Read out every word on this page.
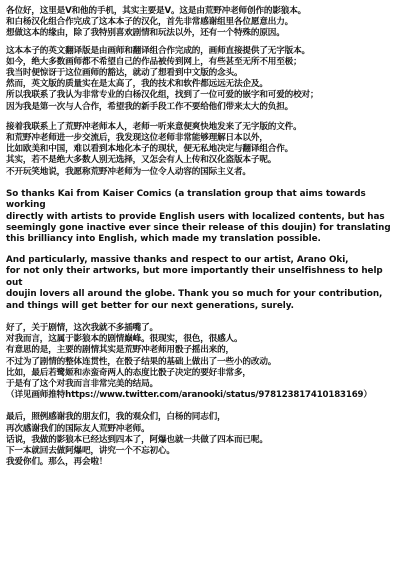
各位好，这里是V和他的手机，其实主要是V。这是由荒野冲老师创作的影狼本。
和白杨汉化组合作完成了这本本子的汉化，首先非常感谢组里各位愿意出力。
想做这本的缘由，除了我特别喜欢剧情和玩法以外，还有一个特殊的原因。

这本本子的英文翻译版是由画师和翻译组合作完成的，画师直接提供了无字版本。
如今，绝大多数画师都不希望自己的作品被传到网上，有些甚至无所不用至极；
我当时便惊讶于这位画师的豁达，就动了想看到中文版的念头。
然而，英文版的质量实在是太高了，我的技术和软件都远远无法企及。
所以我联系了我认为非常专业的白杨汉化组，找到了一位可爱的嵌字和可爱的校对；
因为我是第一次与人合作，希望我的新手段工作不要给他们带来太大的负担。

接着我联系上了荒野冲老师本人，老师一听来意便爽快地发来了无字版的文件。
和荒野冲老师进一步交流后，我发现这位老师非常能够理解日本以外，
比如欧美和中国，难以看到本地化本子的现状，便无私地决定与翻译组合作。
其实，若不是绝大多数人别无选择，又怎会有人上传和汉化盗版本子呢。
不开玩笑地说，我愿称荒野冲老师为一位令人动容的国际主义者。

So thanks Kai from Kaiser Comics (a translation group that aims towards working
directly with artists to provide English users with localized contents, but has
seemingly gone inactive ever since their release of this doujin) for translating
this brilliancy into English, which made my translation possible.

And particularly, massive thanks and respect to our artist, Arano Oki,
for not only their artworks, but more importantly their unselfishness to help out
doujin lovers all around the globe. Thank you so much for your contribution,
and things will get better for our next generations, surely.

好了，关于剧情，这次我就不多插嘴了。
对我而言，这属于影狼本的剧情巅峰。很现实，很色，很感人。
有意思的是，主要的剧情其实是荒野冲老师用骰子摇出来的，
不过为了剧情的整体连贯性，在骰子结果的基础上做出了一些小的改动。
比如，最后若鹭姬和赤蛮奇两人的态度比骰子决定的要好非常多，
于是有了这个对我而言非常完美的结局。
（详见画师推特https://www.twitter.com/aranooki/status/978123817410183169）

最后，照例感谢我的朋友们，我的观众们，白杨的同志们，
再次感谢我们的国际友人荒野冲老师。
话说，我做的影狼本已经达到四本了，阿爆也就一共做了四本而已呢。
下一本就回去做阿爆吧，讲究一个不忘初心。
我爱你们。那么，再会啦！
